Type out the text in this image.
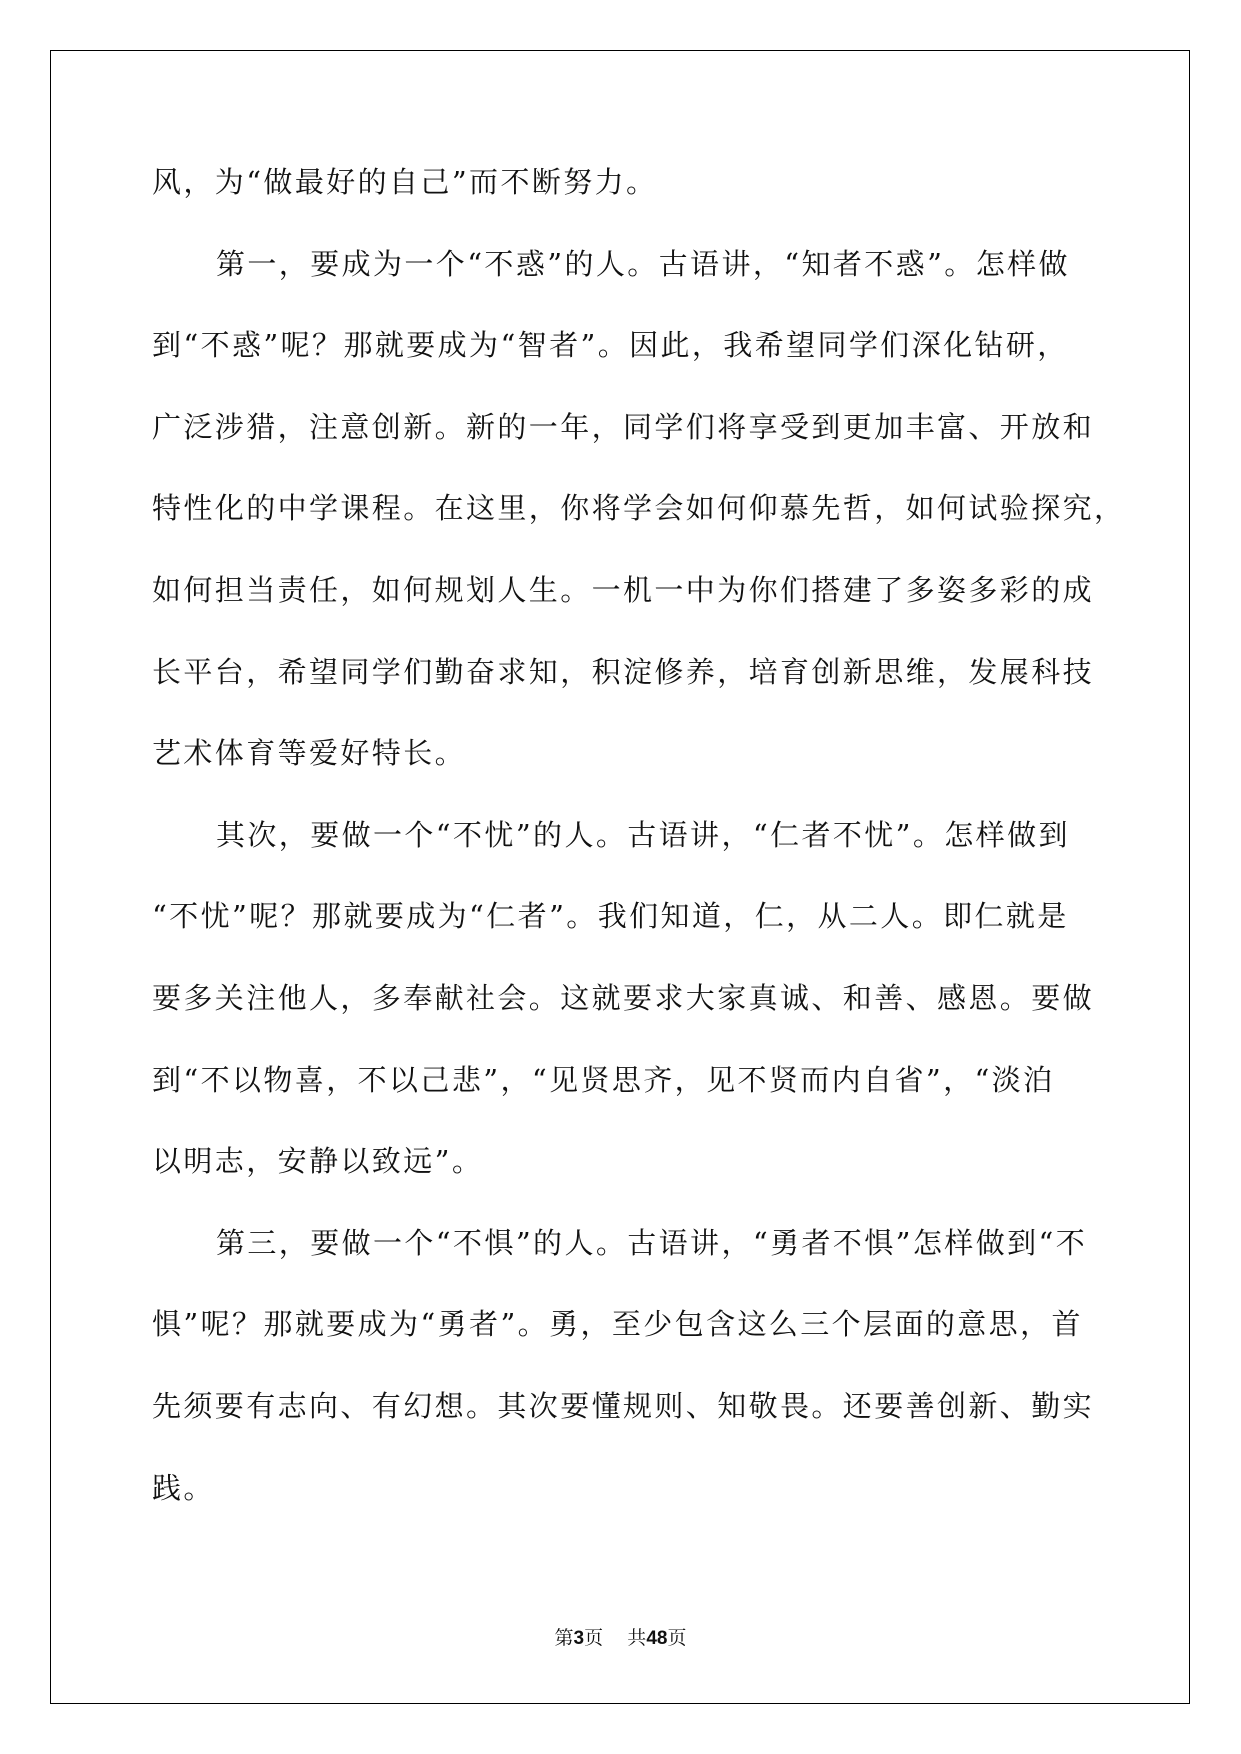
风，为“做最好的自己”而不断努力。
第一，要成为一个“不惑”的人。古语讲，“知者不惑”。怎样做
到“不惑”呢？那就要成为“智者”。因此，我希望同学们深化钻研，
广泛涉猎，注意创新。新的一年，同学们将享受到更加丰富、开放和
特性化的中学课程。在这里，你将学会如何仰慕先哲，如何试验探究，
如何担当责任，如何规划人生。一机一中为你们搭建了多姿多彩的成
长平台，希望同学们勤奋求知，积淀修养，培育创新思维，发展科技
艺术体育等爱好特长。
其次，要做一个“不忧”的人。古语讲，“仁者不忧”。怎样做到
“不忧”呢？那就要成为“仁者”。我们知道，仁，从二人。即仁就是
要多关注他人，多奉献社会。这就要求大家真诚、和善、感恩。要做
到“不以物喜，不以己悲”，“见贤思齐，见不贤而内自省”，“淡泊
以明志，安静以致远”。
第三，要做一个“不惧”的人。古语讲，“勇者不惧”怎样做到“不
惧”呢？那就要成为“勇者”。勇，至少包含这么三个层面的意思，首
先须要有志向、有幻想。其次要懂规则、知敬畏。还要善创新、勤实
践。
第3页 共48页
